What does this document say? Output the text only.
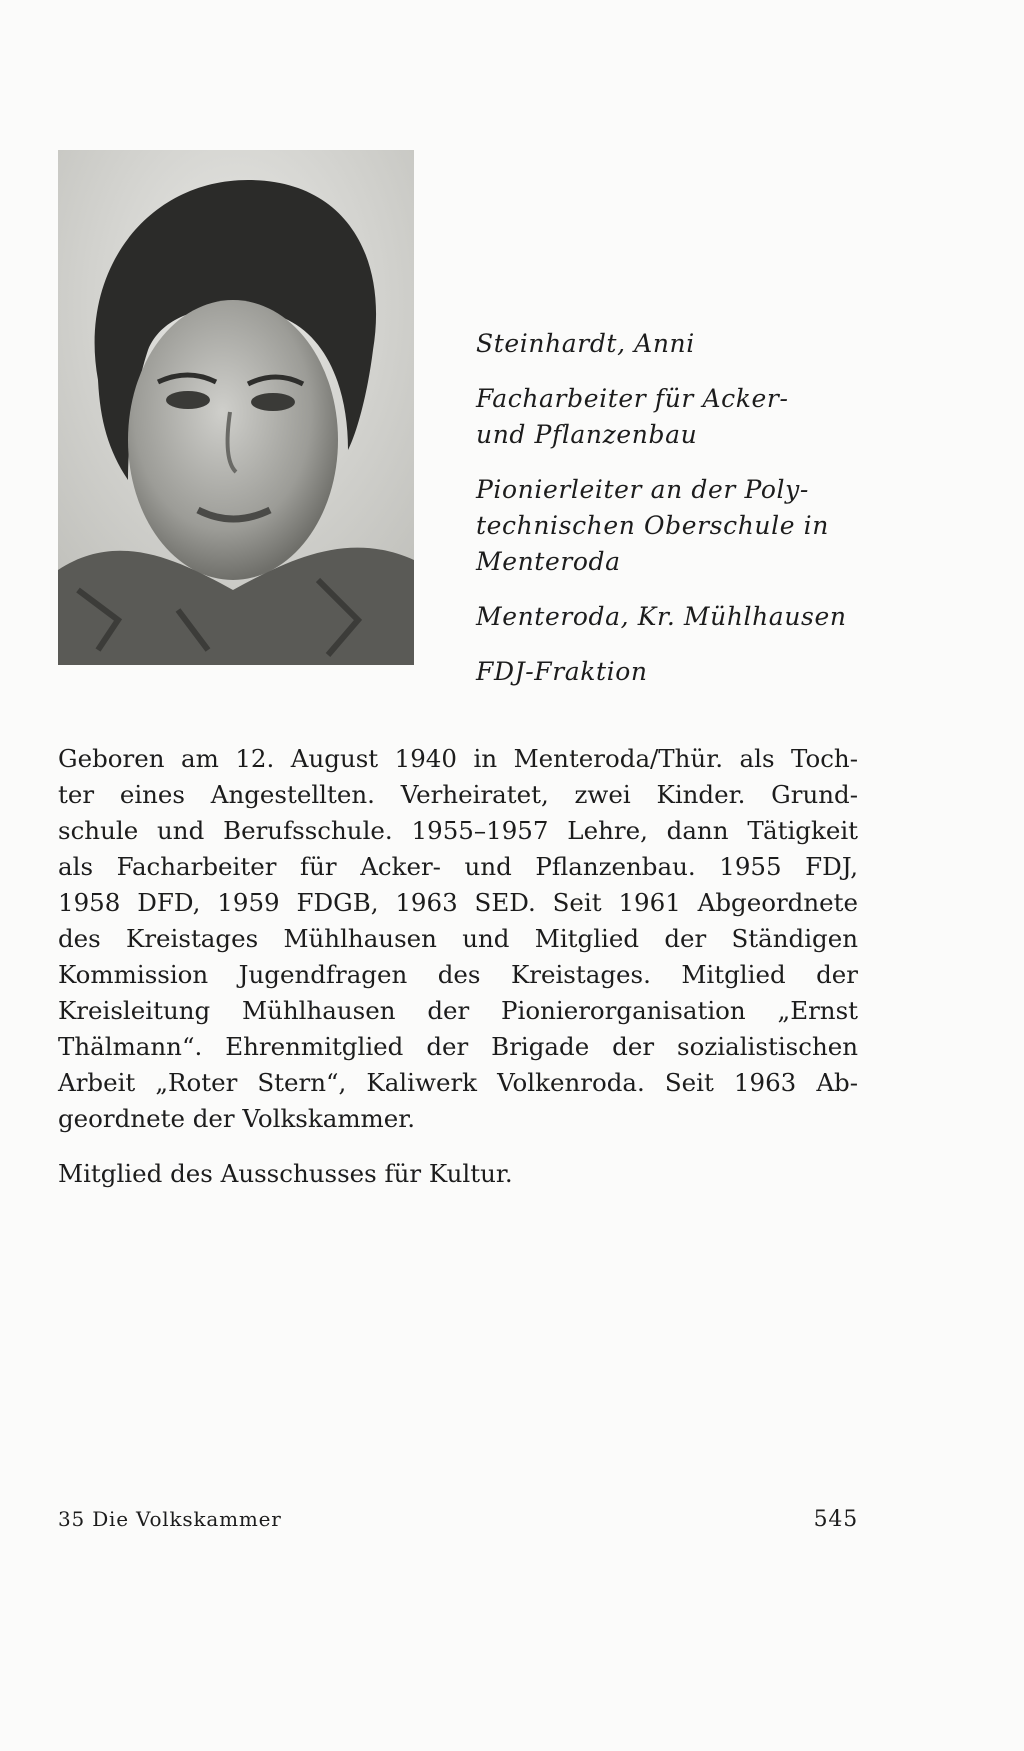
Steinhardt, Anni
Facharbeiter für Acker-
und Pflanzenbau
Pionierleiter an der Poly-
technischen Oberschule in
Menteroda
Menteroda, Kr. Mühlhausen
FDJ-Fraktion
Geboren am 12. August 1940 in Menteroda/Thür. als Toch-
ter eines Angestellten. Verheiratet, zwei Kinder. Grund-
schule und Berufsschule. 1955–1957 Lehre, dann Tätigkeit
als Facharbeiter für Acker- und Pflanzenbau. 1955 FDJ,
1958 DFD, 1959 FDGB, 1963 SED. Seit 1961 Abgeordnete
des Kreistages Mühlhausen und Mitglied der Ständigen
Kommission Jugendfragen des Kreistages. Mitglied der
Kreisleitung Mühlhausen der Pionierorganisation „Ernst
Thälmann“. Ehrenmitglied der Brigade der sozialistischen
Arbeit „Roter Stern“, Kaliwerk Volkenroda. Seit 1963 Ab-
geordnete der Volkskammer.
Mitglied des Ausschusses für Kultur.
35 Die Volkskammer	545
